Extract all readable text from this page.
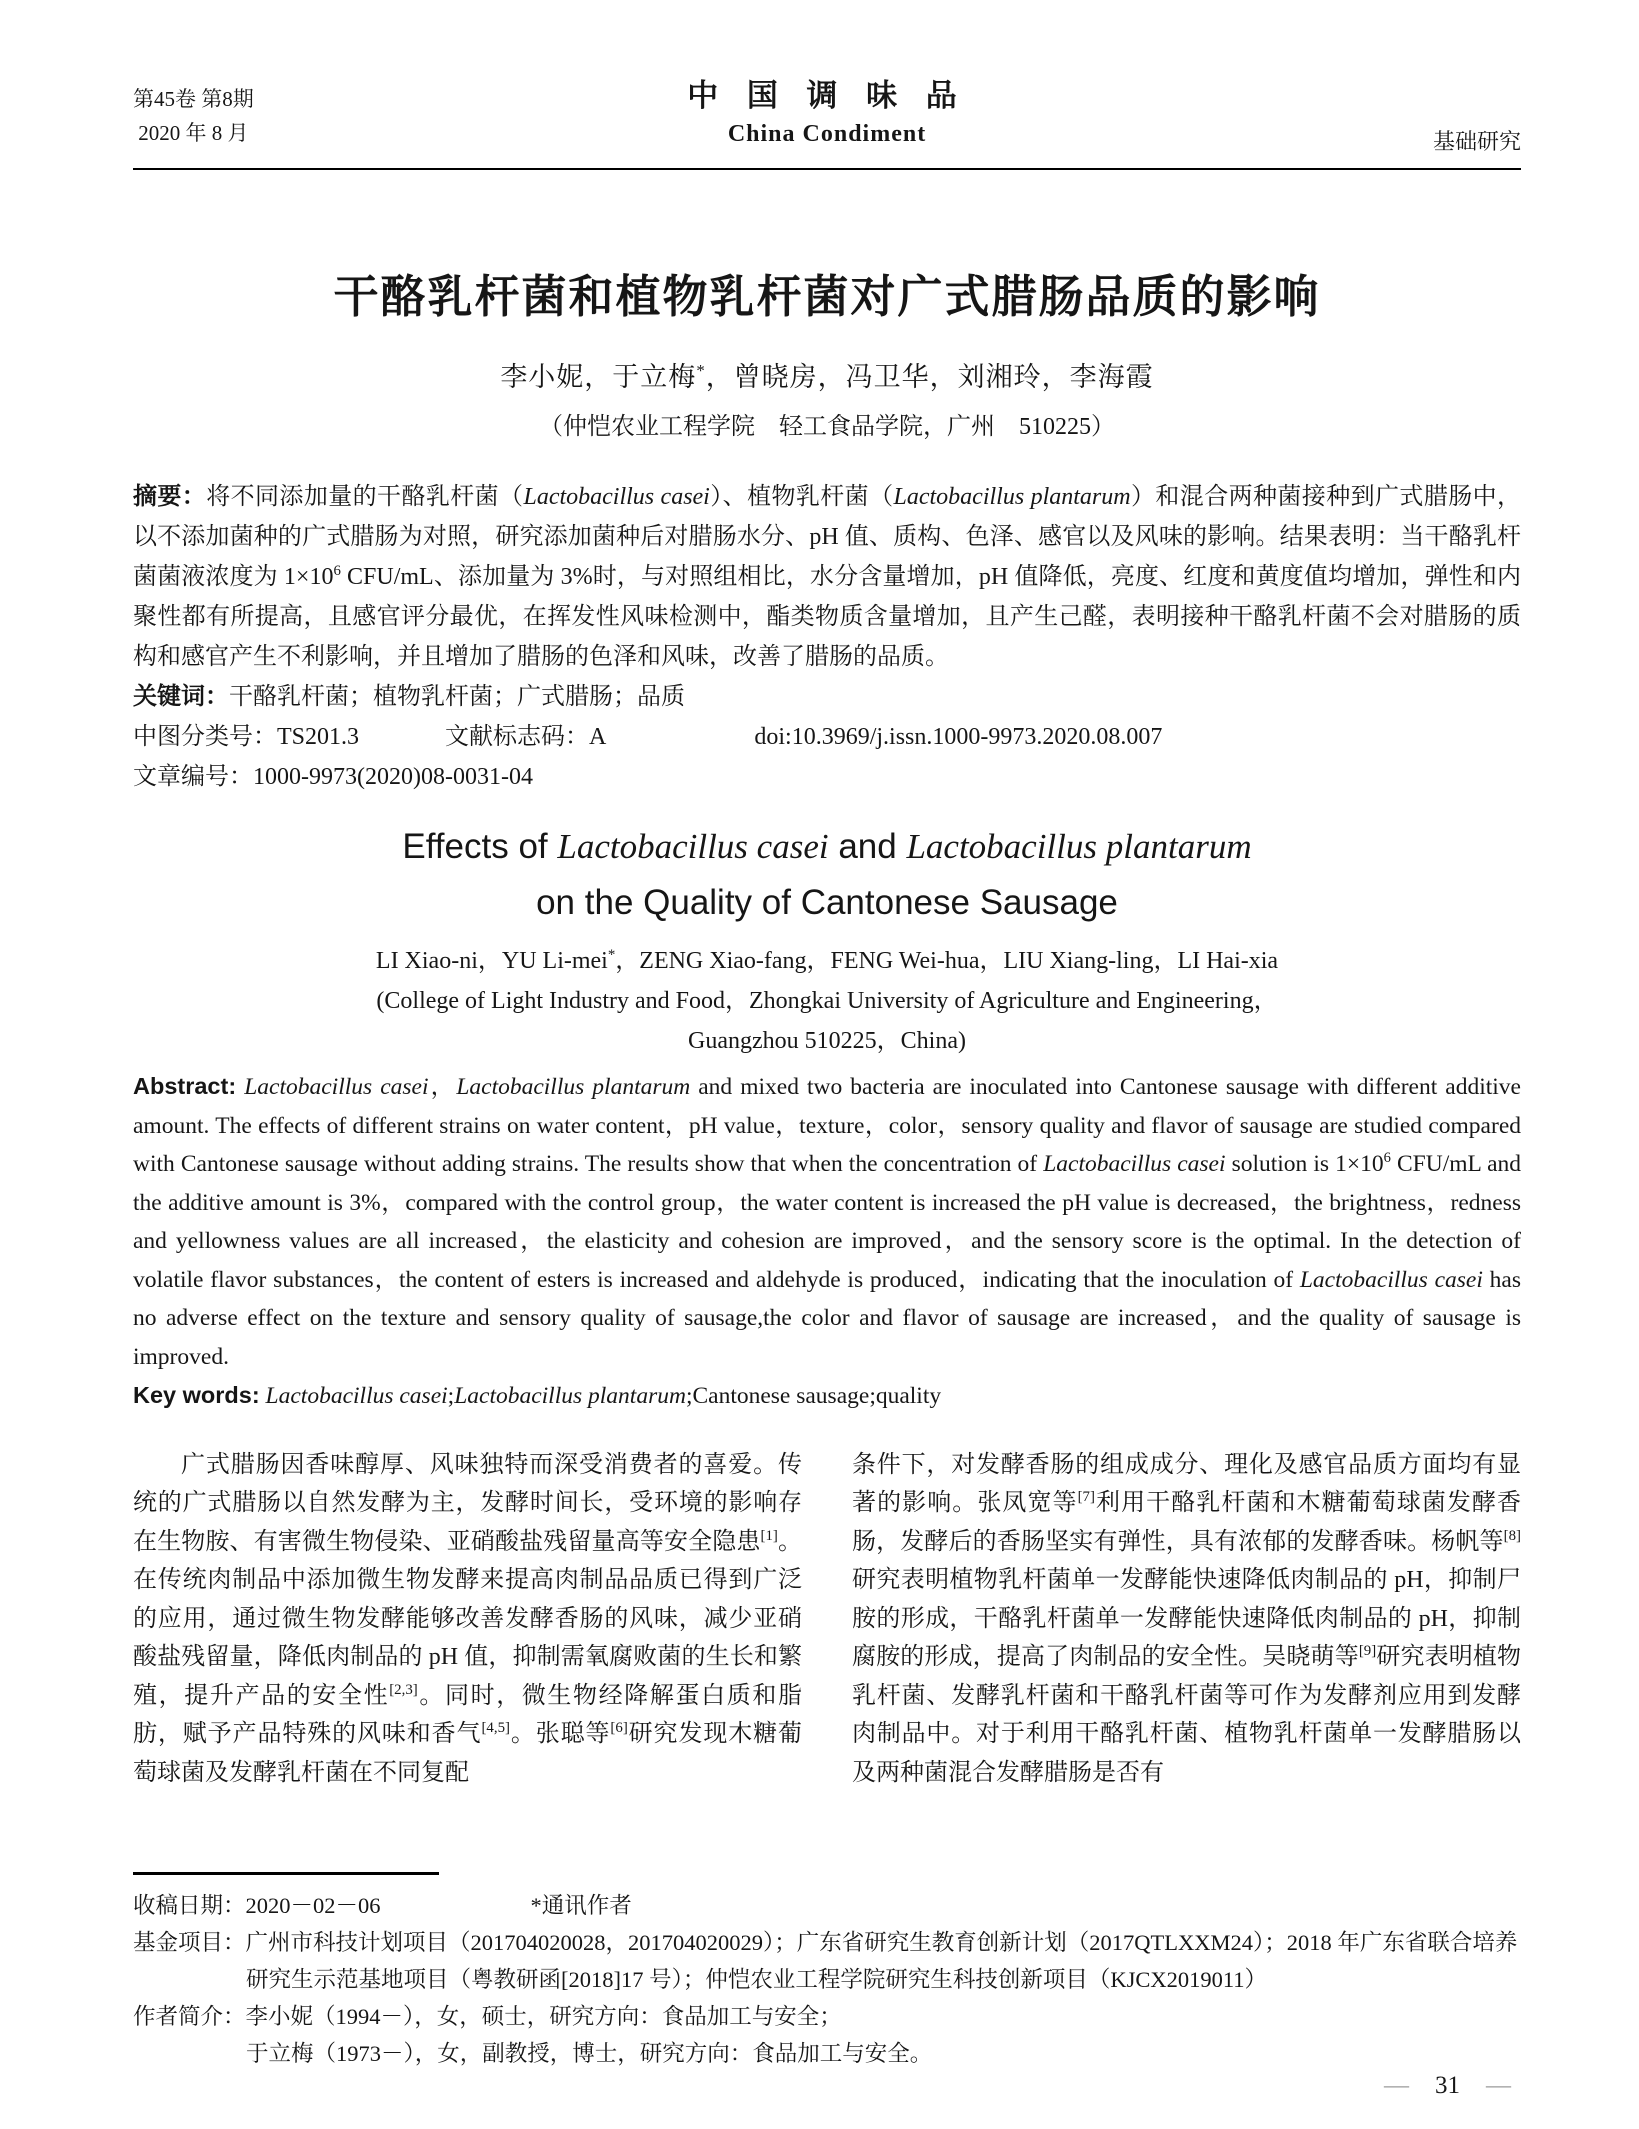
第45卷 第8期
2020 年 8 月
中 国 调 味 品
China Condiment	基础研究
干酪乳杆菌和植物乳杆菌对广式腊肠品质的影响
李小妮，于立梅*，曾晓房，冯卫华，刘湘玲，李海霞
（仲恺农业工程学院　轻工食品学院，广州　510225）
摘要：将不同添加量的干酪乳杆菌（Lactobacillus casei）、植物乳杆菌（Lactobacillus plantarum）和混合两种菌接种到广式腊肠中，以不添加菌种的广式腊肠为对照，研究添加菌种后对腊肠水分、pH 值、质构、色泽、感官以及风味的影响。结果表明：当干酪乳杆菌菌液浓度为 $1\times 10^6$ CFU/mL、添加量为 3%时，与对照组相比，水分含量增加，pH 值降低，亮度、红度和黄度值均增加，弹性和内聚性都有所提高，且感官评分最优，在挥发性风味检测中，酯类物质含量增加，且产生己醛，表明接种干酪乳杆菌不会对腊肠的质构和感官产生不利影响，并且增加了腊肠的色泽和风味，改善了腊肠的品质。
关键词：干酪乳杆菌；植物乳杆菌；广式腊肠；品质
中图分类号：TS201.3	文献标志码：A	doi:10.3969/j.issn.1000-9973.2020.08.007
文章编号：1000-9973(2020)08-0031-04
Effects of Lactobacillus casei and Lactobacillus plantarum
on the Quality of Cantonese Sausage
LI Xiao-ni，YU Li-mei*，ZENG Xiao-fang，FENG Wei-hua，LIU Xiang-ling，LI Hai-xia
(College of Light Industry and Food，Zhongkai University of Agriculture and Engineering，
Guangzhou 510225，China)
Abstract: Lactobacillus casei，Lactobacillus plantarum and mixed two bacteria are inoculated into Cantonese sausage with different additive amount. The effects of different strains on water content，pH value，texture，color，sensory quality and flavor of sausage are studied compared with Cantonese sausage without adding strains. The results show that when the concentration of Lactobacillus casei solution is $1\times 10^6$ CFU/mL and the additive amount is 3%，compared with the control group，the water content is increased the pH value is decreased，the brightness，redness and yellowness values are all increased，the elasticity and cohesion are improved，and the sensory score is the optimal. In the detection of volatile flavor substances，the content of esters is increased and aldehyde is produced，indicating that the inoculation of Lactobacillus casei has no adverse effect on the texture and sensory quality of sausage,the color and flavor of sausage are increased，and the quality of sausage is improved.
Key words: Lactobacillus casei;Lactobacillus plantarum;Cantonese sausage;quality
广式腊肠因香味醇厚、风味独特而深受消费者的喜爱。传统的广式腊肠以自然发酵为主，发酵时间长，受环境的影响存在生物胺、有害微生物侵染、亚硝酸盐残留量高等安全隐患[1]。在传统肉制品中添加微生物发酵来提高肉制品品质已得到广泛的应用，通过微生物发酵能够改善发酵香肠的风味，减少亚硝酸盐残留量，降低肉制品的 pH 值，抑制需氧腐败菌的生长和繁殖，提升产品的安全性[2,3]。同时，微生物经降解蛋白质和脂肪，赋予产品特殊的风味和香气[4,5]。张聪等[6]研究发现木糖葡萄球菌及发酵乳杆菌在不同复配
条件下，对发酵香肠的组成成分、理化及感官品质方面均有显著的影响。张凤宽等[7]利用干酪乳杆菌和木糖葡萄球菌发酵香肠，发酵后的香肠坚实有弹性，具有浓郁的发酵香味。杨帆等[8]研究表明植物乳杆菌单一发酵能快速降低肉制品的 pH，抑制尸胺的形成，干酪乳杆菌单一发酵能快速降低肉制品的 pH，抑制腐胺的形成，提高了肉制品的安全性。吴晓萌等[9]研究表明植物乳杆菌、发酵乳杆菌和干酪乳杆菌等可作为发酵剂应用到发酵肉制品中。对于利用干酪乳杆菌、植物乳杆菌单一发酵腊肠以及两种菌混合发酵腊肠是否有
收稿日期：2020－02－06	*通讯作者
基金项目：广州市科技计划项目（201704020028，201704020029）；广东省研究生教育创新计划（2017QTLXXM24）；2018 年广东省联合培养研究生示范基地项目（粤教研函[2018]17 号）；仲恺农业工程学院研究生科技创新项目（KJCX2019011）
作者简介：李小妮（1994－），女，硕士，研究方向：食品加工与安全；
于立梅（1973－），女，副教授，博士，研究方向：食品加工与安全。
— 31 —
